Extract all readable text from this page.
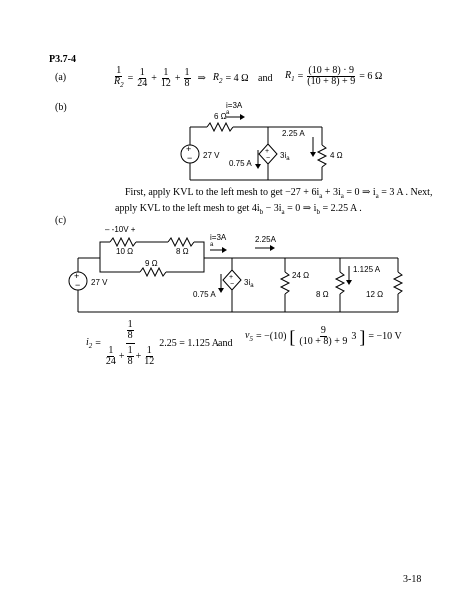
P3.7-4
(a)	$\frac{1}{R_2} = \frac{1}{24} + \frac{1}{12} + \frac{1}{8}$ ⇒ $R_2 = 4$ Ω and $R_1 = \frac{(10 + 8) \cdot 9}{(10 + 8) + 9} = 6$ Ω
(b)
+
−
+
−
6 Ω
i=3A
a
2.25 A
4 Ω
27 V
0.75 A
$3i_a$
First, apply KVL to the left mesh to get $-27 + 6i_a + 3i_a = 0$ ⇒ $i_a = 3$ A . Next,
apply KVL to the left mesh to get $4i_b - 3i_a = 0$ ⇒ $i_b = 2.25$ A .
(c)
+
−
+
−
– -10V +
10 Ω	8 Ω
9 Ω
i=3A
a
2.25A
27 V
0.75 A
$3i_a$
24 Ω
8 Ω
1.125 A
12 Ω
$i_2 = \frac{\frac{1}{8}}{\frac{1}{24} + \frac{1}{8} + \frac{1}{12}} 2.25 = 1.125$ A
and
$v_5 = -(10)$ [ $\frac{9}{(10 + 8) + 9} 3$ ] = −10 V
3-18
